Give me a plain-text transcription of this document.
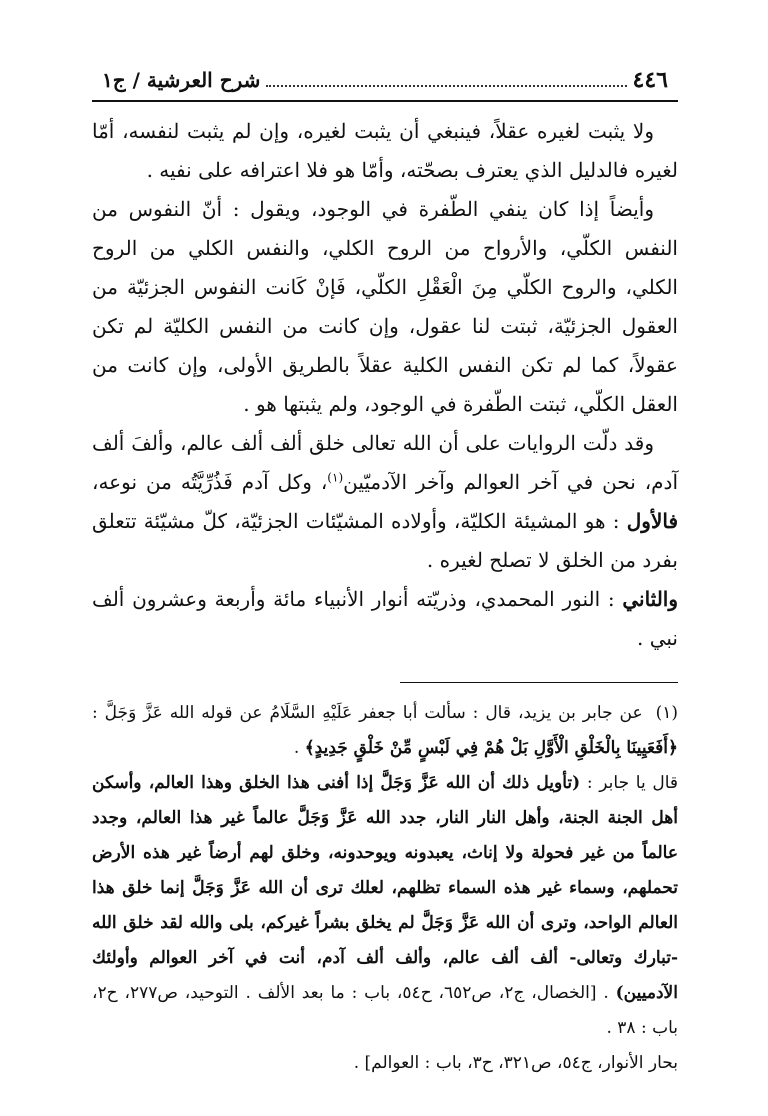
٤٤٦
شرح العرشية / ج١

ولا يثبت لغيره عقلاً، فينبغي أن يثبت لغيره، وإن لم يثبت لنفسه، أمّا لغيره فالدليل الذي يعترف بصحّته، وأمّا هو فلا اعترافه على نفيه .

وأيضاً إذا كان ينفي الطّفرة في الوجود، ويقول : أنّ النفوس من النفس الكلّي، والأرواح من الروح الكلي، والنفس الكلي من الروح الكلي، والروح الكلّي مِنَ الْعَقْلِ الكلّي، فَإنْ كَانت النفوس الجزئيّة من العقول الجزئيّة، ثبتت لنا عقول، وإن كانت من النفس الكليّة لم تكن عقولاً، كما لم تكن النفس الكلية عقلاً بالطريق الأولى، وإن كانت من العقل الكلّي، ثبتت الطّفرة في الوجود، ولم يثبتها هو .

وقد دلّت الروايات على أن الله تعالى خلق ألف ألف عالم، وألفَ ألف آدم، نحن في آخر العوالم وآخر الآدميّين$^{(١)}$، وكل آدم فَذُرِّيَّتُه من نوعه، فالأول : هو المشيئة الكليّة، وأولاده المشيّئات الجزئيّة، كلّ مشيّئة تتعلق بفرد من الخلق لا تصلح لغيره .

والثاني : النور المحمدي، وذريّته أنوار الأنبياء مائة وأربعة وعشرون ألف نبي .

(١) عن جابر بن يزيد، قال : سألت أبا جعفر عَلَيْهِ السَّلَامُ عن قوله الله عَزَّ وَجَلَّ : ﴿أَفَعَيِينَا بِالْخَلْقِ الْأَوَّلِ بَلْ هُمْ فِي لَبْسٍ مِّنْ خَلْقٍ جَدِيدٍ﴾ .

قال يا جابر : (تأويل ذلك أن الله عَزَّ وَجَلَّ إذا أفنى هذا الخلق وهذا العالم، وأسكن أهل الجنة الجنة، وأهل النار النار، جدد الله عَزَّ وَجَلَّ عالماً غير هذا العالم، وجدد عالماً من غير فحولة ولا إناث، يعبدونه ويوحدونه، وخلق لهم أرضاً غير هذه الأرض تحملهم، وسماء غير هذه السماء تظلهم، لعلك ترى أن الله عَزَّ وَجَلَّ إنما خلق هذا العالم الواحد، وترى أن الله عَزَّ وَجَلَّ لم يخلق بشراً غيركم، بلى والله لقد خلق الله -تبارك وتعالى- ألف ألف عالم، وألف ألف آدم، أنت في آخر العوالم وأولئك الآدميين) . [الخصال، ج٢، ص٦٥٢، ح٥٤، باب : ما بعد الألف . التوحيد، ص٢٧٧، ح٢، باب : ٣٨ .

بحار الأنوار، ج٥٤، ص٣٢١، ح٣، باب : العوالم] .
